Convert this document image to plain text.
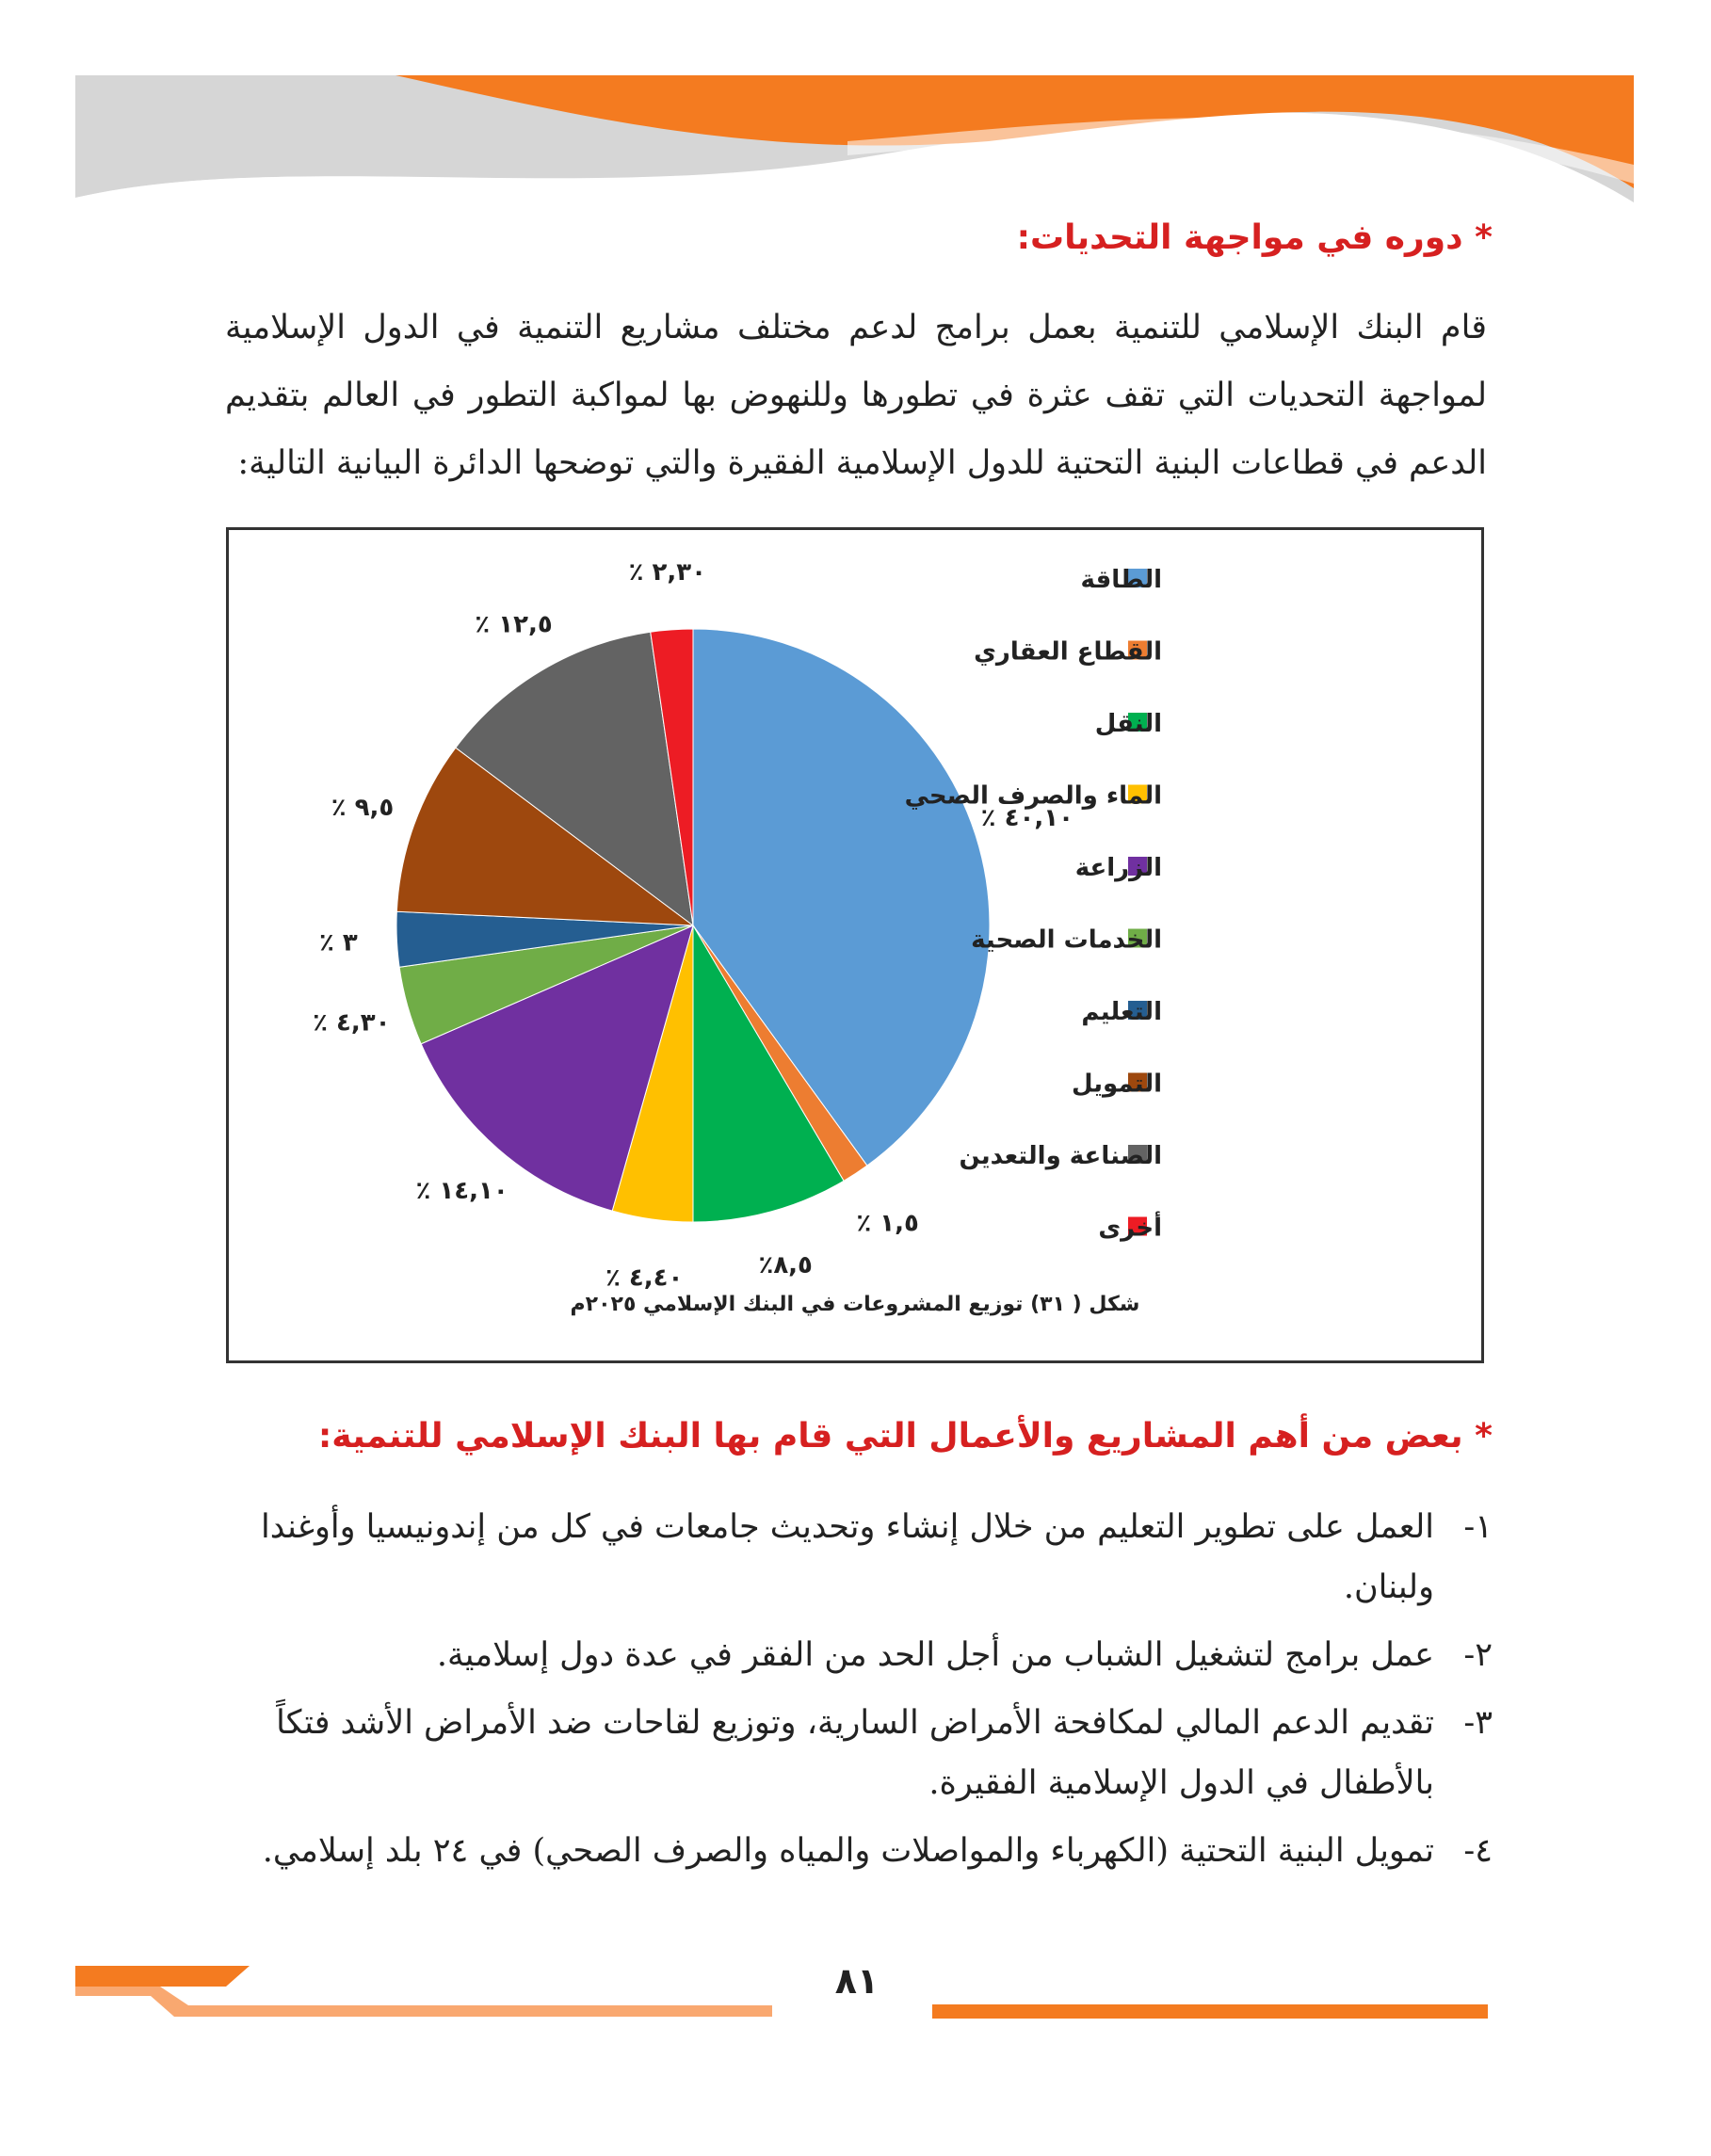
* دوره في مواجهة التحديات:
قام البنك الإسلامي للتنمية بعمل برامج لدعم مختلف مشاريع التنمية في الدول الإسلامية لمواجهة التحديات التي تقف عثرة في تطورها وللنهوض بها لمواكبة التطور في العالم بتقديم الدعم في قطاعات البنية التحتية للدول الإسلامية الفقيرة والتي توضحها الدائرة البيانية التالية:
٪ ٤٠,١٠
٪ ١,٥
٪٨,٥
٪ ٤,٤٠
٪ ١٤,١٠
٪ ٤,٣٠
٪ ٣
٪ ٩,٥
٪ ١٢,٥
٪ ٢,٣٠	الطاقة
القطاع العقاري
النقل
الماء والصرف الصحي
الزراعة
الخدمات الصحية
التعليم
التمويل
الصناعة والتعدين
أخرى
شكل ( ٣١) توزيع المشروعات في البنك الإسلامي ٢٠٢٥م
* بعض من أهم المشاريع والأعمال التي قام بها البنك الإسلامي للتنمية:
١-
العمل على تطوير التعليم من خلال إنشاء وتحديث جامعات في كل من إندونيسيا وأوغندا ولبنان.
٢-
عمل برامج لتشغيل الشباب من أجل الحد من الفقر في عدة دول إسلامية.
٣-
تقديم الدعم المالي لمكافحة الأمراض السارية، وتوزيع لقاحات ضد الأمراض الأشد فتكاً بالأطفال في الدول الإسلامية الفقيرة.
٤-
تمويل البنية التحتية (الكهرباء والمواصلات والمياه والصرف الصحي) في ٢٤ بلد إسلامي.
٨١
